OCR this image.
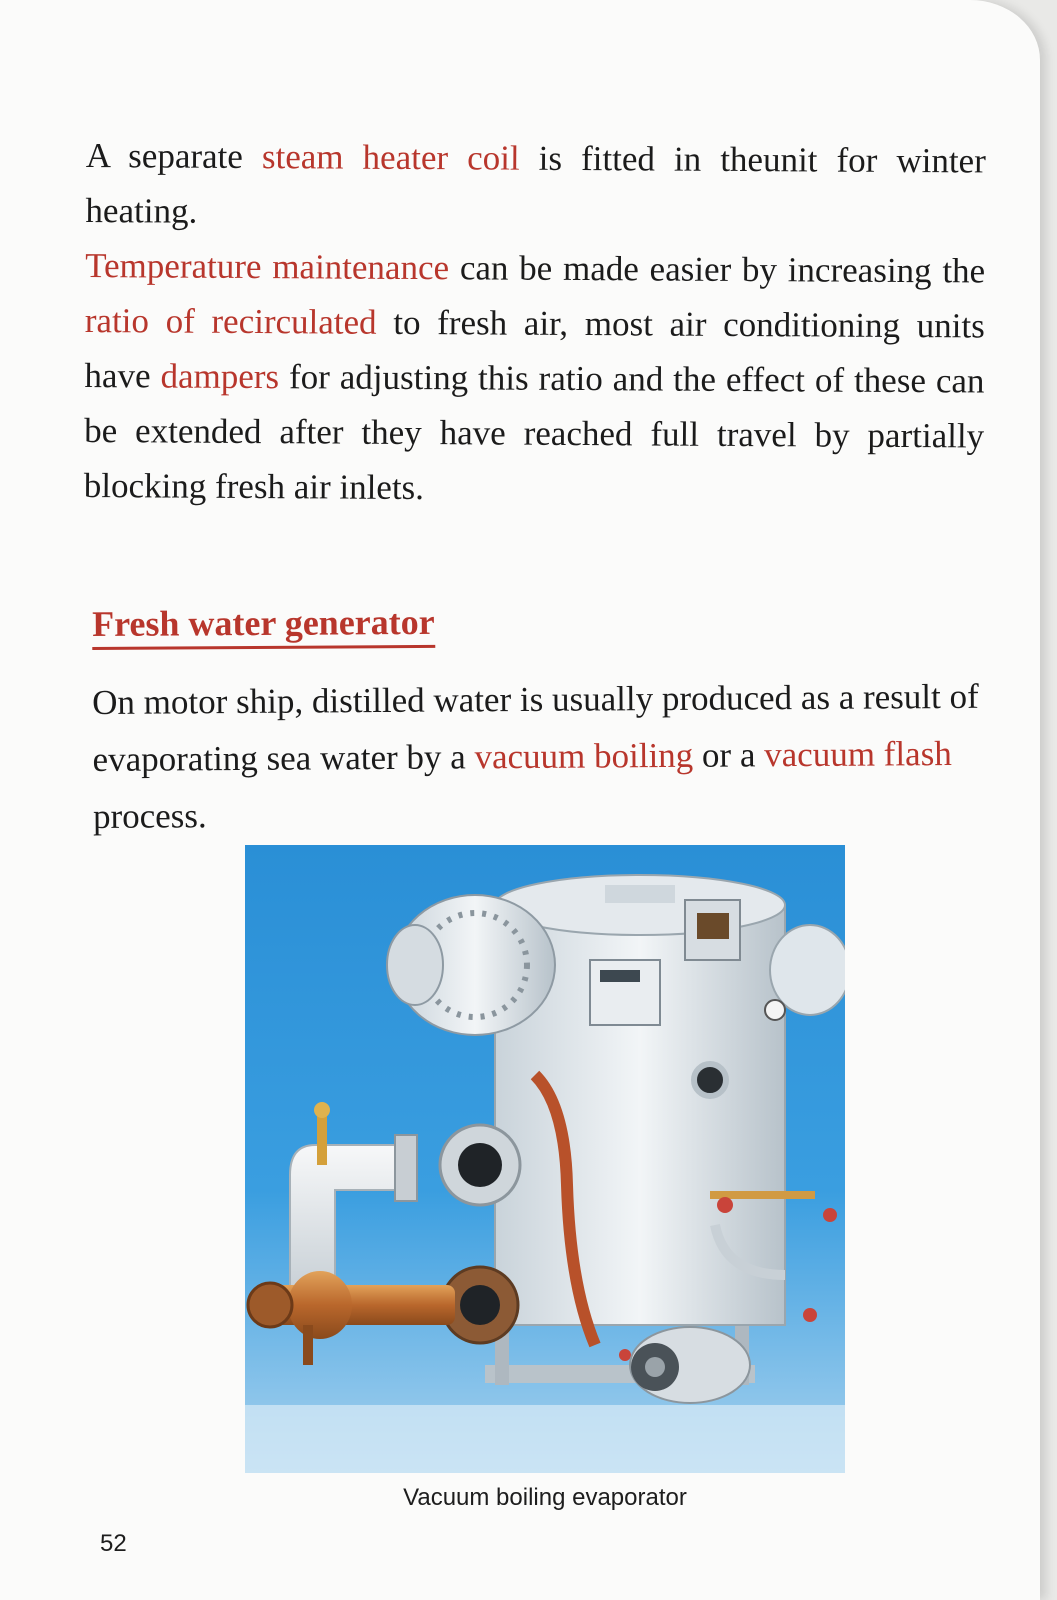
A separate steam heater coil is fitted in theunit for winter heating.

Temperature maintenance can be made easier by increasing the ratio of recirculated to fresh air, most air conditioning units have dampers for adjusting this ratio and the effect of these can be extended after they have reached full travel by partially blocking fresh air inlets.

Fresh water generator

On motor ship, distilled water is usually produced as a result of evaporating sea water by a vacuum boiling or a vacuum flash process.

Vacuum boiling evaporator
52
